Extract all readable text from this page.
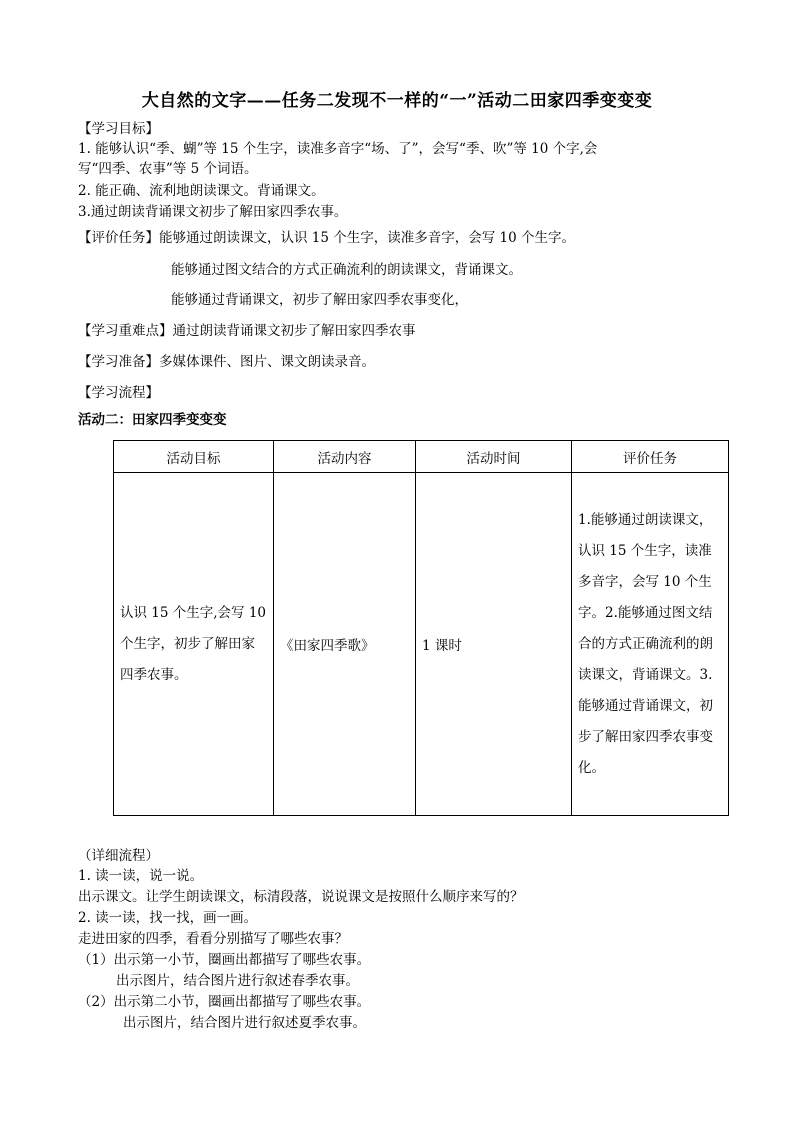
大自然的文字——任务二发现不一样的“一”活动二田家四季变变变
【学习目标】
1. 能够认识“季、蝴”等 15 个生字，读准多音字“场、了”，会写“季、吹”等 10 个字,会
写“四季、农事”等 5 个词语。
2. 能正确、流利地朗读课文。背诵课文。
3.通过朗读背诵课文初步了解田家四季农事。
【评价任务】能够通过朗读课文，认识 15 个生字，读准多音字，会写 10 个生字。
能够通过图文结合的方式正确流利的朗读课文，背诵课文。
能够通过背诵课文，初步了解田家四季农事变化，
【学习重难点】通过朗读背诵课文初步了解田家四季农事
【学习准备】多媒体课件、图片、课文朗读录音。
【学习流程】
活动二：田家四季变变变
活动目标	活动内容	活动时间	评价任务
认识 15 个生字,会写 10 个生字，初步了解田家四季农事。	《田家四季歌》	1 课时	1.能够通过朗读课文，认识 15 个生字，读准多音字，会写 10 个生字。2.能够通过图文结合的方式正确流利的朗读课文，背诵课文。3.能够通过背诵课文，初步了解田家四季农事变化。
（详细流程）
1. 读一读，说一说。
出示课文。让学生朗读课文，标清段落，说说课文是按照什么顺序来写的？
2. 读一读，找一找，画一画。
走进田家的四季，看看分别描写了哪些农事？
（1）出示第一小节，圈画出都描写了哪些农事。
出示图片，结合图片进行叙述春季农事。
（2）出示第二小节，圈画出都描写了哪些农事。
出示图片，结合图片进行叙述夏季农事。
